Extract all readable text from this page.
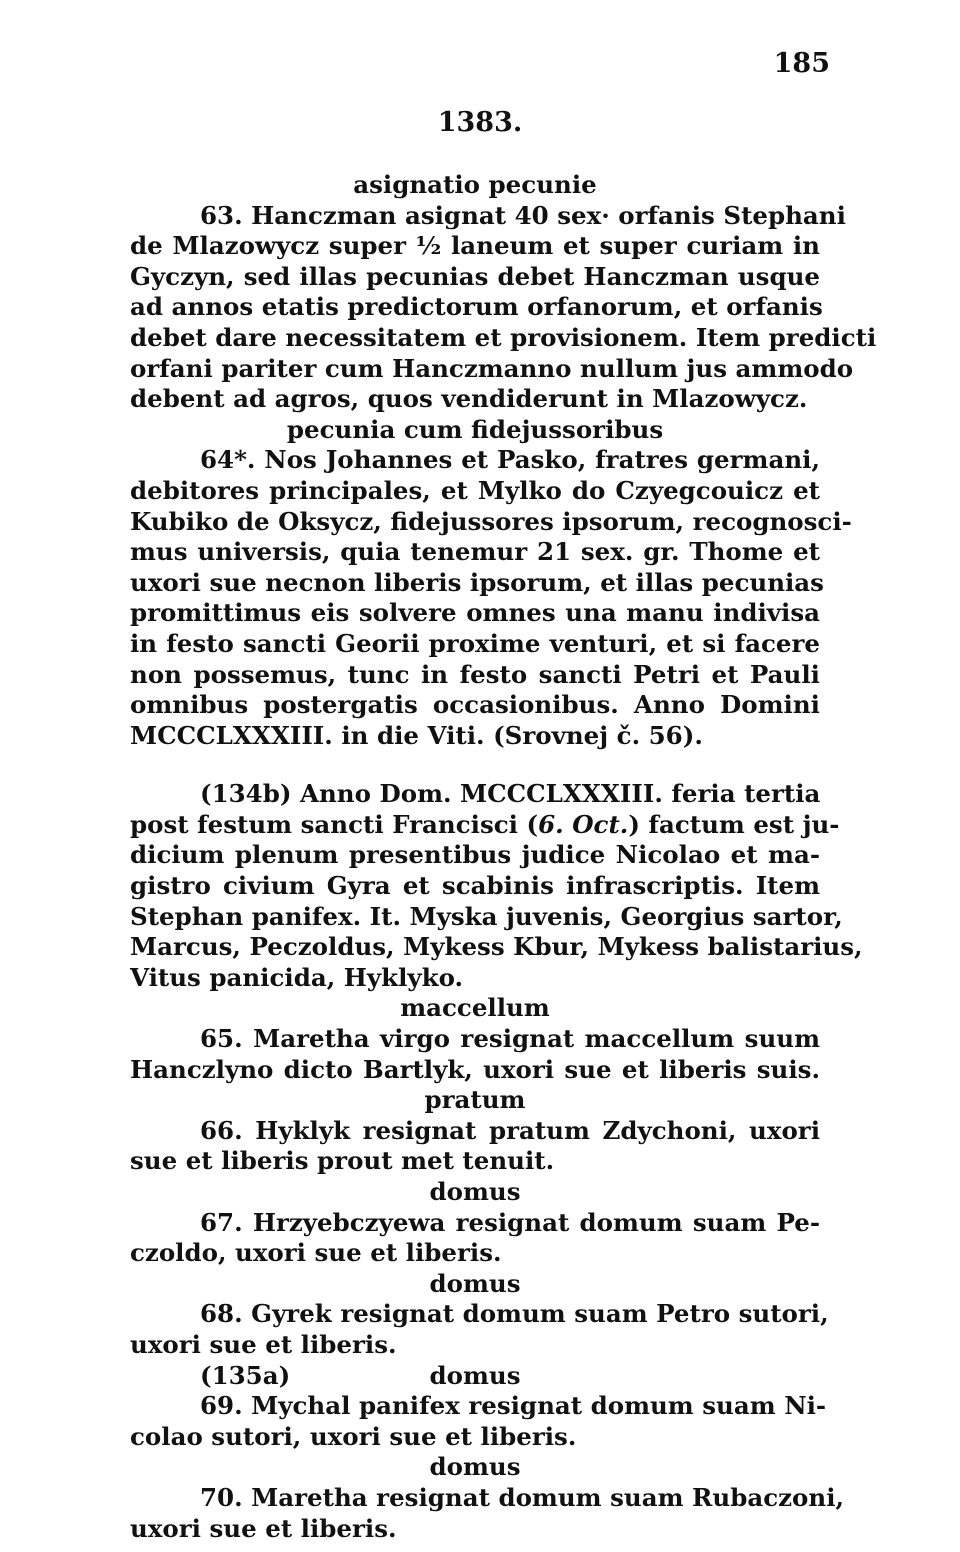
185
1383.
asignatio pecunie
63. Hanczman asignat 40 sex· orfanis Stephani
de Mlazowycz super ½ laneum et super curiam in
Gyczyn, sed illas pecunias debet Hanczman usque
ad annos etatis predictorum orfanorum, et orfanis
debet dare necessitatem et provisionem. Item predicti
orfani pariter cum Hanczmanno nullum jus ammodo
debent ad agros, quos vendiderunt in Mlazowycz.
pecunia cum fidejussoribus
64*. Nos Johannes et Pasko, fratres germani,
debitores principales, et Mylko do Czyegcouicz et
Kubiko de Oksycz, fidejussores ipsorum, recognosci-
mus universis, quia tenemur 21 sex. gr. Thome et
uxori sue necnon liberis ipsorum, et illas pecunias
promittimus eis solvere omnes una manu indivisa
in festo sancti Georii proxime venturi, et si facere
non possemus, tunc in festo sancti Petri et Pauli
omnibus postergatis occasionibus. Anno Domini
MCCCLXXXIII. in die Viti. (Srovnej č. 56).
(134b) Anno Dom. MCCCLXXXIII. feria tertia
post festum sancti Francisci (6. Oct.) factum est ju-
dicium plenum presentibus judice Nicolao et ma-
gistro civium Gyra et scabinis infrascriptis. Item
Stephan panifex. It. Myska juvenis, Georgius sartor,
Marcus, Peczoldus, Mykess Kbur, Mykess balistarius,
Vitus panicida, Hyklyko.
maccellum
65. Maretha virgo resignat maccellum suum
Hanczlyno dicto Bartlyk, uxori sue et liberis suis.
pratum
66. Hyklyk resignat pratum Zdychoni, uxori
sue et liberis prout met tenuit.
domus
67. Hrzyebczyewa resignat domum suam Pe-
czoldo, uxori sue et liberis.
domus
68. Gyrek resignat domum suam Petro sutori,
uxori sue et liberis.
domus
(135a)
69. Mychal panifex resignat domum suam Ni-
colao sutori, uxori sue et liberis.
domus
70. Maretha resignat domum suam Rubaczoni,
uxori sue et liberis.
